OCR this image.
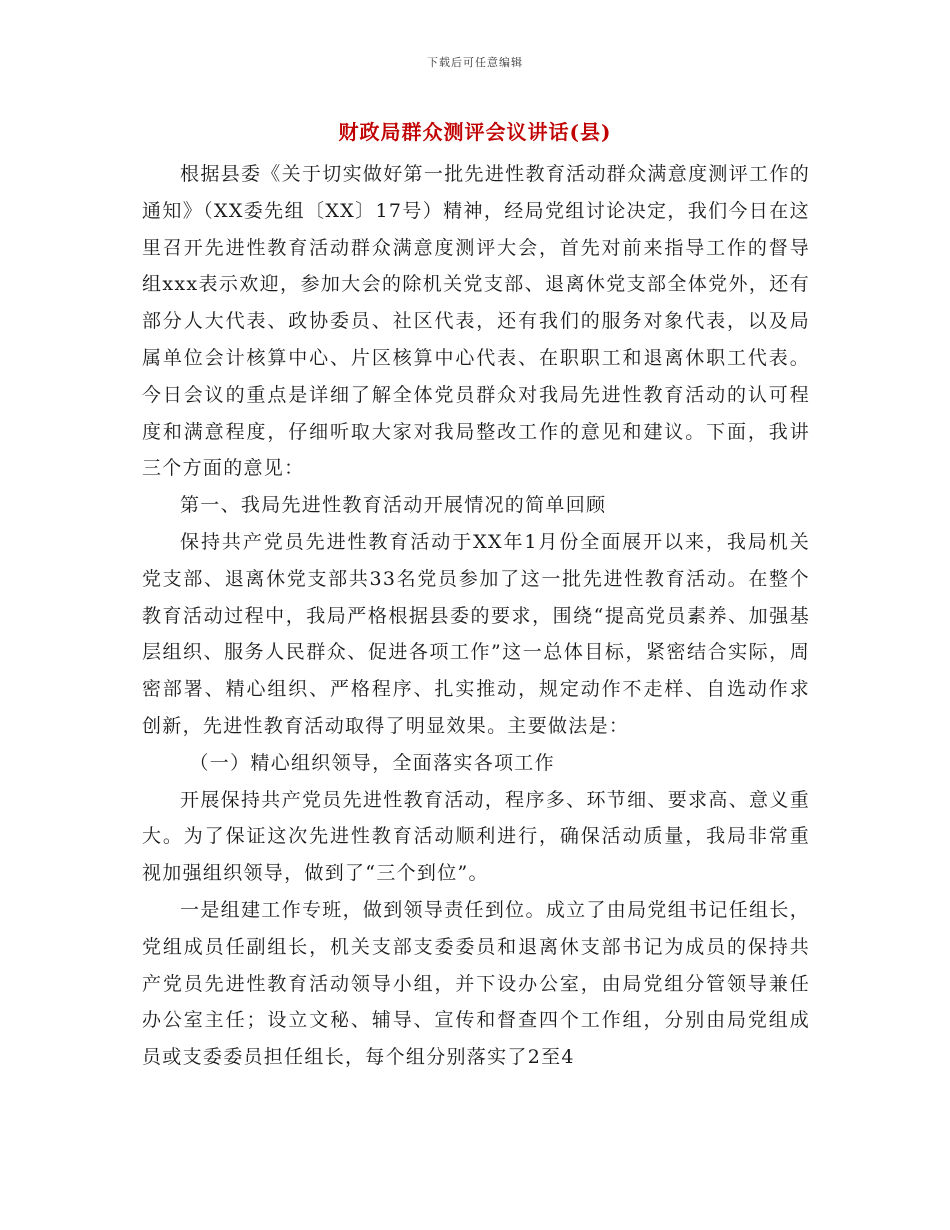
下载后可任意编辑
财政局群众测评会议讲话(县)

根据县委《关于切实做好第一批先进性教育活动群众满意度测评工作的通知》（XX委先组〔XX〕17号）精神，经局党组讨论决定，我们今日在这里召开先进性教育活动群众满意度测评大会，首先对前来指导工作的督导组xxx表示欢迎，参加大会的除机关党支部、退离休党支部全体党外，还有部分人大代表、政协委员、社区代表，还有我们的服务对象代表，以及局属单位会计核算中心、片区核算中心代表、在职职工和退离休职工代表。今日会议的重点是详细了解全体党员群众对我局先进性教育活动的认可程度和满意程度，仔细听取大家对我局整改工作的意见和建议。下面，我讲三个方面的意见：

第一、我局先进性教育活动开展情况的简单回顾

保持共产党员先进性教育活动于XX年1月份全面展开以来，我局机关党支部、退离休党支部共33名党员参加了这一批先进性教育活动。在整个教育活动过程中，我局严格根据县委的要求，围绕“提高党员素养、加强基层组织、服务人民群众、促进各项工作”这一总体目标，紧密结合实际，周密部署、精心组织、严格程序、扎实推动，规定动作不走样、自选动作求创新，先进性教育活动取得了明显效果。主要做法是：

（一）精心组织领导，全面落实各项工作

开展保持共产党员先进性教育活动，程序多、环节细、要求高、意义重大。为了保证这次先进性教育活动顺利进行，确保活动质量，我局非常重视加强组织领导，做到了“三个到位”。

一是组建工作专班，做到领导责任到位。成立了由局党组书记任组长，党组成员任副组长，机关支部支委委员和退离休支部书记为成员的保持共产党员先进性教育活动领导小组，并下设办公室，由局党组分管领导兼任办公室主任；设立文秘、辅导、宣传和督查四个工作组，分别由局党组成员或支委委员担任组长，每个组分别落实了2至4
